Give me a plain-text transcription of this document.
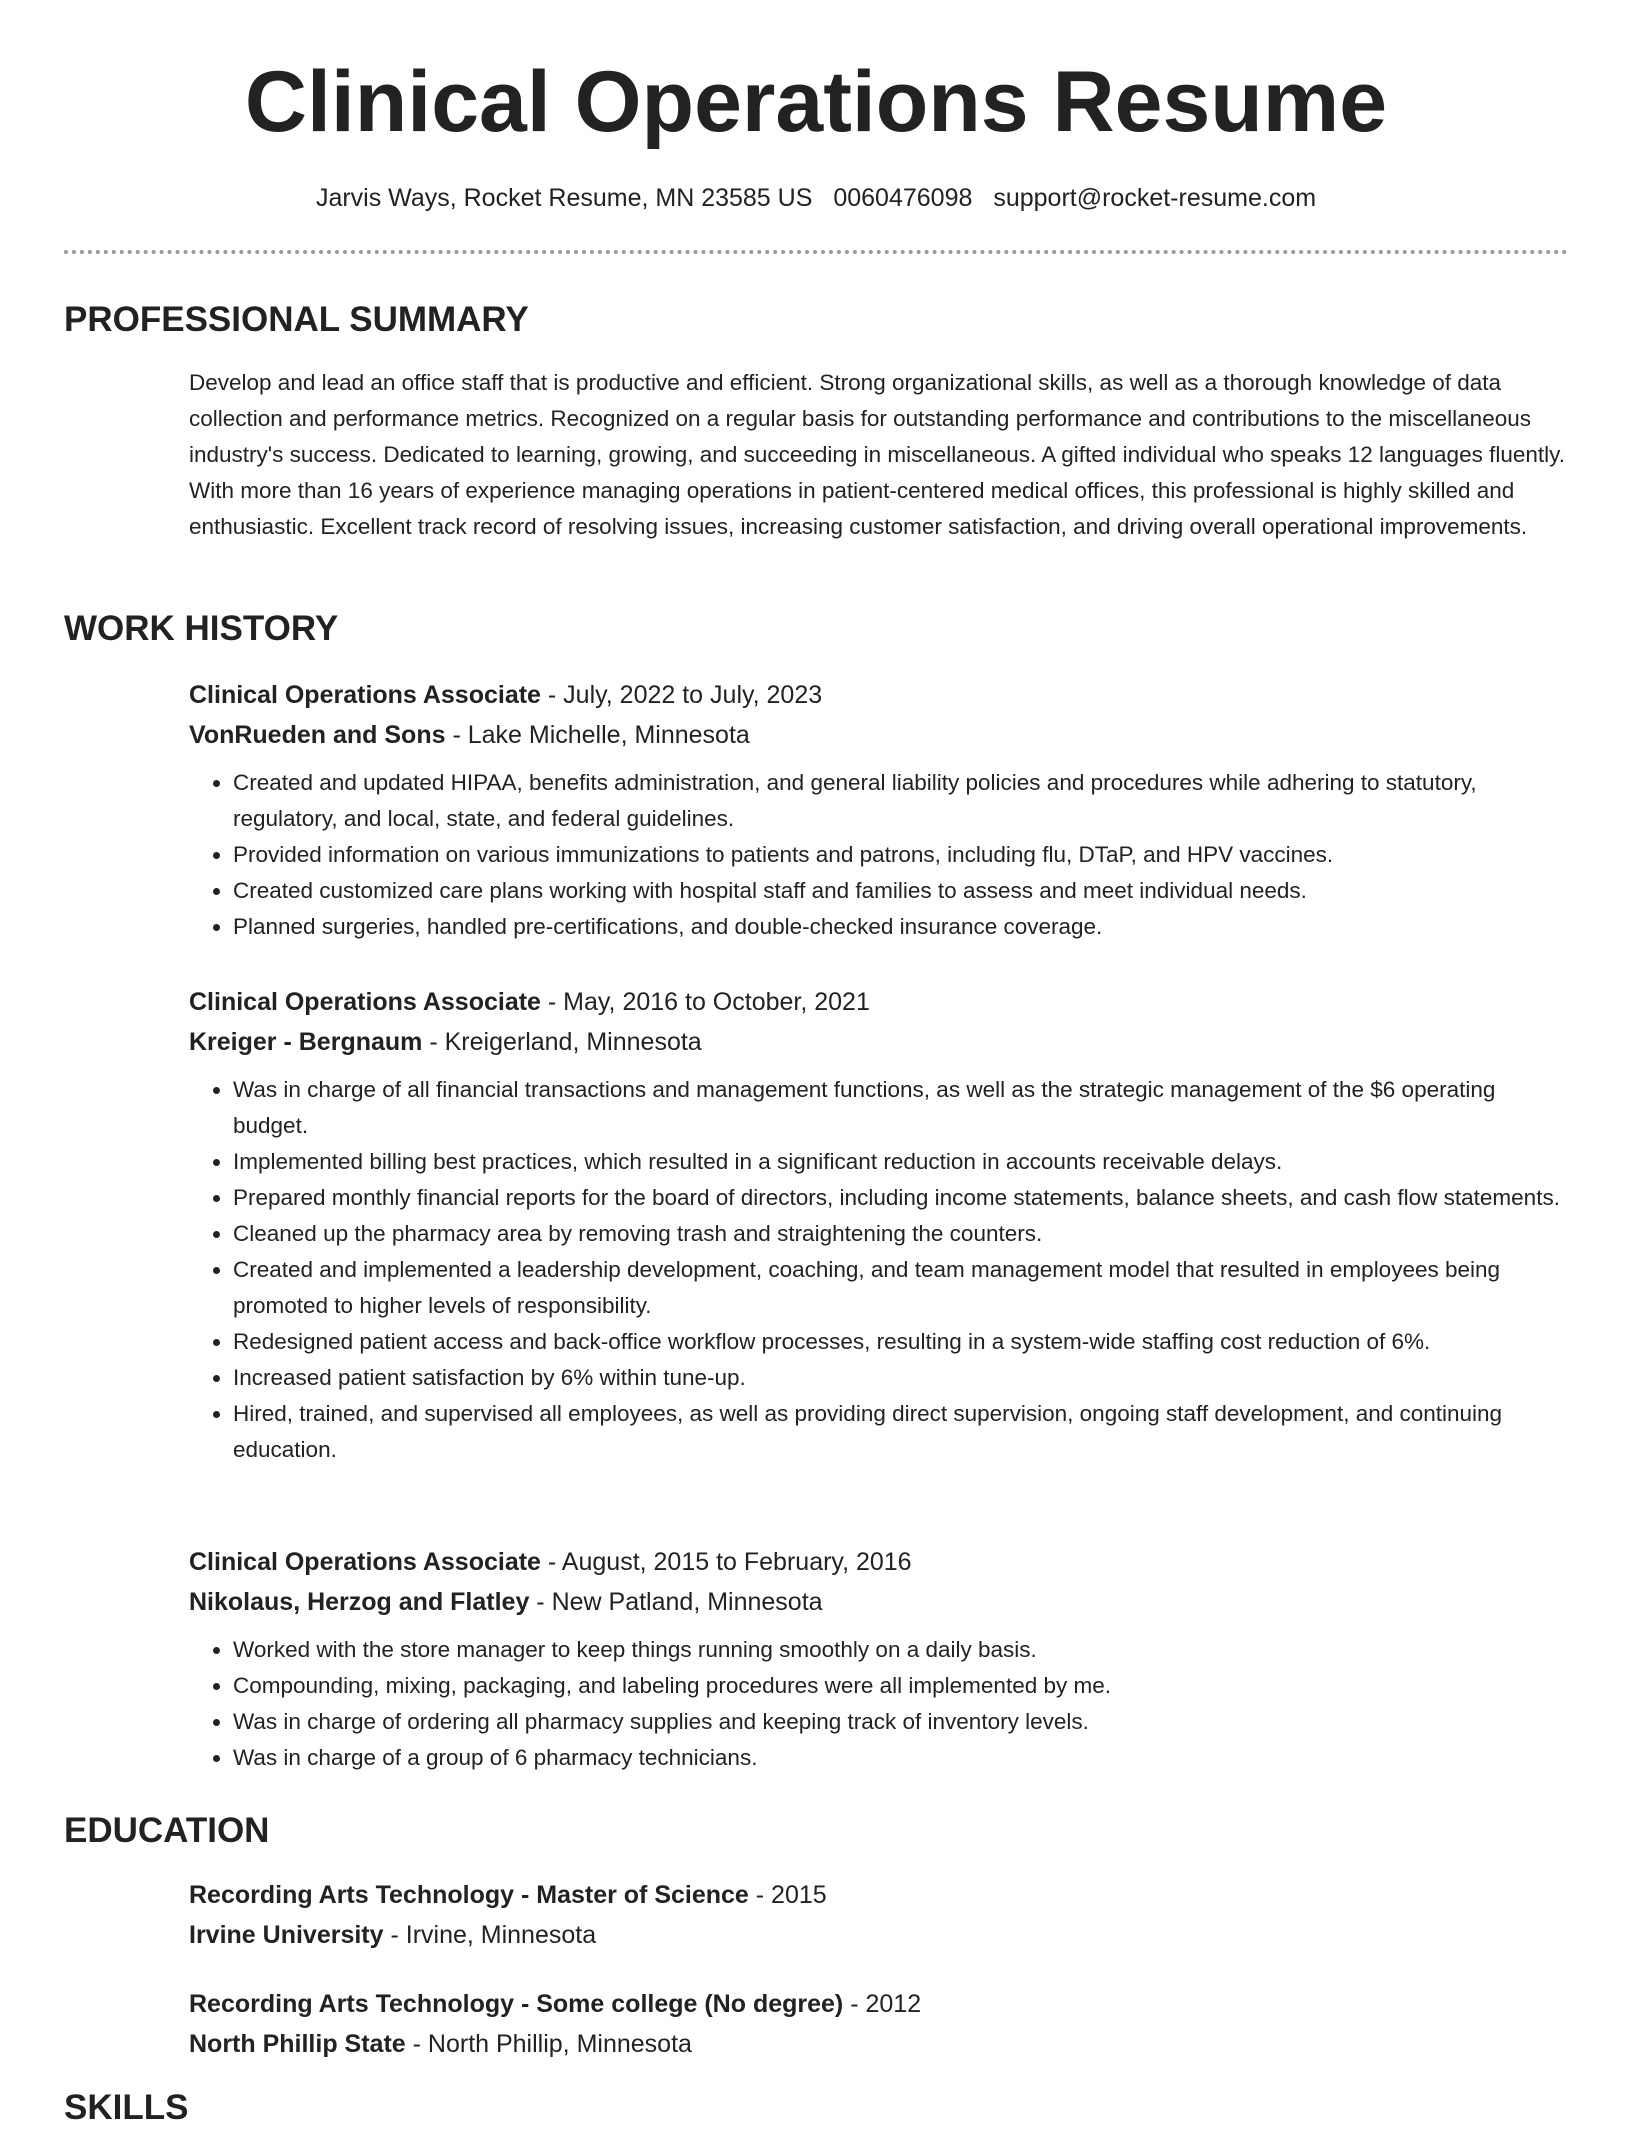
Clinical Operations Resume
Jarvis Ways, Rocket Resume, MN 23585 US 0060476098 support@rocket-resume.com
PROFESSIONAL SUMMARY

Develop and lead an office staff that is productive and efficient. Strong organizational skills, as well as a thorough knowledge of data collection and performance metrics. Recognized on a regular basis for outstanding performance and contributions to the miscellaneous industry's success. Dedicated to learning, growing, and succeeding in miscellaneous. A gifted individual who speaks 12 languages fluently. With more than 16 years of experience managing operations in patient-centered medical offices, this professional is highly skilled and enthusiastic. Excellent track record of resolving issues, increasing customer satisfaction, and driving overall operational improvements.

WORK HISTORY
Clinical Operations Associate - July, 2022 to July, 2023
VonRueden and Sons - Lake Michelle, Minnesota
• Created and updated HIPAA, benefits administration, and general liability policies and procedures while adhering to statutory, regulatory, and local, state, and federal guidelines.
• Provided information on various immunizations to patients and patrons, including flu, DTaP, and HPV vaccines.
• Created customized care plans working with hospital staff and families to assess and meet individual needs.
• Planned surgeries, handled pre-certifications, and double-checked insurance coverage.
Clinical Operations Associate - May, 2016 to October, 2021
Kreiger - Bergnaum - Kreigerland, Minnesota
• Was in charge of all financial transactions and management functions, as well as the strategic management of the $6 operating budget.
• Implemented billing best practices, which resulted in a significant reduction in accounts receivable delays.
• Prepared monthly financial reports for the board of directors, including income statements, balance sheets, and cash flow statements.
• Cleaned up the pharmacy area by removing trash and straightening the counters.
• Created and implemented a leadership development, coaching, and team management model that resulted in employees being promoted to higher levels of responsibility.
• Redesigned patient access and back-office workflow processes, resulting in a system-wide staffing cost reduction of 6%.
• Increased patient satisfaction by 6% within tune-up.
• Hired, trained, and supervised all employees, as well as providing direct supervision, ongoing staff development, and continuing education.
Clinical Operations Associate - August, 2015 to February, 2016
Nikolaus, Herzog and Flatley - New Patland, Minnesota
• Worked with the store manager to keep things running smoothly on a daily basis.
• Compounding, mixing, packaging, and labeling procedures were all implemented by me.
• Was in charge of ordering all pharmacy supplies and keeping track of inventory levels.
• Was in charge of a group of 6 pharmacy technicians.
EDUCATION
Recording Arts Technology - Master of Science - 2015
Irvine University - Irvine, Minnesota
Recording Arts Technology - Some college (No degree) - 2012
North Phillip State - North Phillip, Minnesota
SKILLS
